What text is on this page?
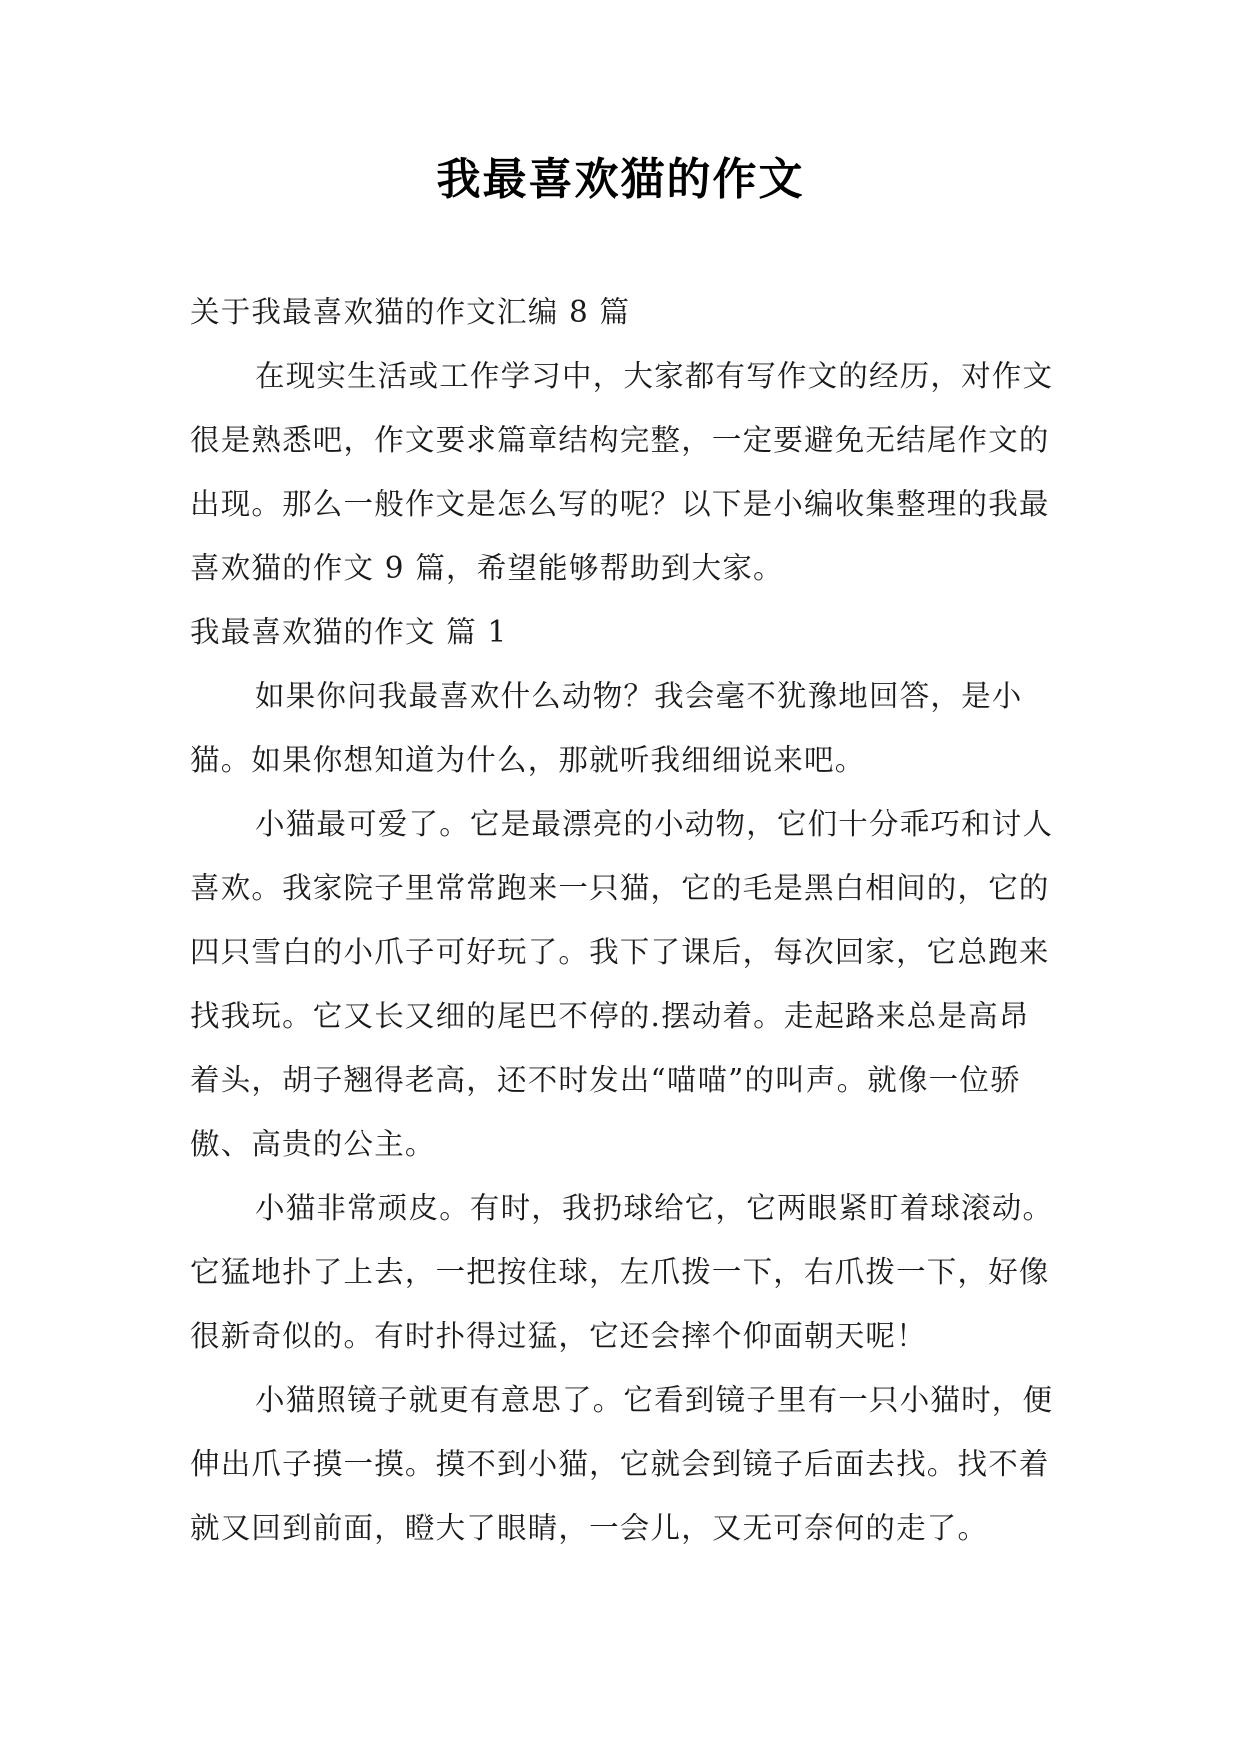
我最喜欢猫的作文

关于我最喜欢猫的作文汇编 8 篇

在现实生活或工作学习中，大家都有写作文的经历，对作文很是熟悉吧，作文要求篇章结构完整，一定要避免无结尾作文的出现。那么一般作文是怎么写的呢？以下是小编收集整理的我最喜欢猫的作文 9 篇，希望能够帮助到大家。

我最喜欢猫的作文 篇 1

如果你问我最喜欢什么动物？我会毫不犹豫地回答，是小猫。如果你想知道为什么，那就听我细细说来吧。

小猫最可爱了。它是最漂亮的小动物，它们十分乖巧和讨人喜欢。我家院子里常常跑来一只猫，它的毛是黑白相间的，它的四只雪白的小爪子可好玩了。我下了课后，每次回家，它总跑来找我玩。它又长又细的尾巴不停的.摆动着。走起路来总是高昂着头，胡子翘得老高，还不时发出“喵喵”的叫声。就像一位骄傲、高贵的公主。

小猫非常顽皮。有时，我扔球给它，它两眼紧盯着球滚动。它猛地扑了上去，一把按住球，左爪拨一下，右爪拨一下，好像很新奇似的。有时扑得过猛，它还会摔个仰面朝天呢！

小猫照镜子就更有意思了。它看到镜子里有一只小猫时，便伸出爪子摸一摸。摸不到小猫，它就会到镜子后面去找。找不着就又回到前面，瞪大了眼睛，一会儿，又无可奈何的走了。
